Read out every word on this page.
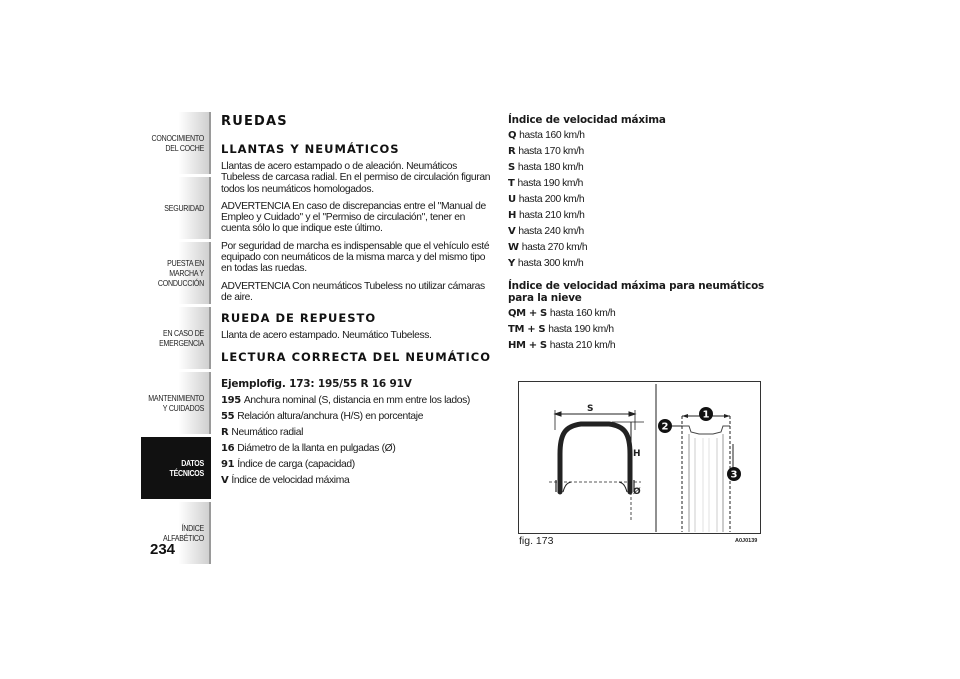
CONOCIMIENTO DEL COCHE
SEGURIDAD
PUESTA EN MARCHA Y CONDUCCIÓN
EN CASO DE EMERGENCIA
MANTENIMIENTO Y CUIDADOS
DATOS TÉCNICOS
ÍNDICE ALFABÉTICO
234
RUEDAS
LLANTAS Y NEUMÁTICOS

Llantas de acero estampado o de aleación. Neumáticos Tubeless de carcasa radial. En el permiso de circulación figuran todos los neumáticos homologados.

ADVERTENCIA En caso de discrepancias entre el "Manual de Empleo y Cuidado" y el "Permiso de circulación", tener en cuenta sólo lo que indique este último.

Por seguridad de marcha es indispensable que el vehículo esté equipado con neumáticos de la misma marca y del mismo tipo en todas las ruedas.

ADVERTENCIA Con neumáticos Tubeless no utilizar cámaras de aire.

RUEDA DE REPUESTO

Llanta de acero estampado. Neumático Tubeless.

LECTURA CORRECTA DEL NEUMÁTICO
Ejemplofig. 173: 195/55 R 16 91V
195 Anchura nominal (S, distancia en mm entre los lados)
55 Relación altura/anchura (H/S) en porcentaje
R Neumático radial
16 Diámetro de la llanta en pulgadas (Ø)
91 Índice de carga (capacidad)
V Índice de velocidad máxima
Índice de velocidad máxima
Q hasta 160 km/h
R hasta 170 km/h
S hasta 180 km/h
T hasta 190 km/h
U hasta 200 km/h
H hasta 210 km/h
V hasta 240 km/h
W hasta 270 km/h
Y hasta 300 km/h
Índice de velocidad máxima para neumáticos para la nieve
QM + S hasta 160 km/h
TM + S hasta 190 km/h
HM + S hasta 210 km/h
S
H
Ø
1
2
3
fig. 173	A0J0139
